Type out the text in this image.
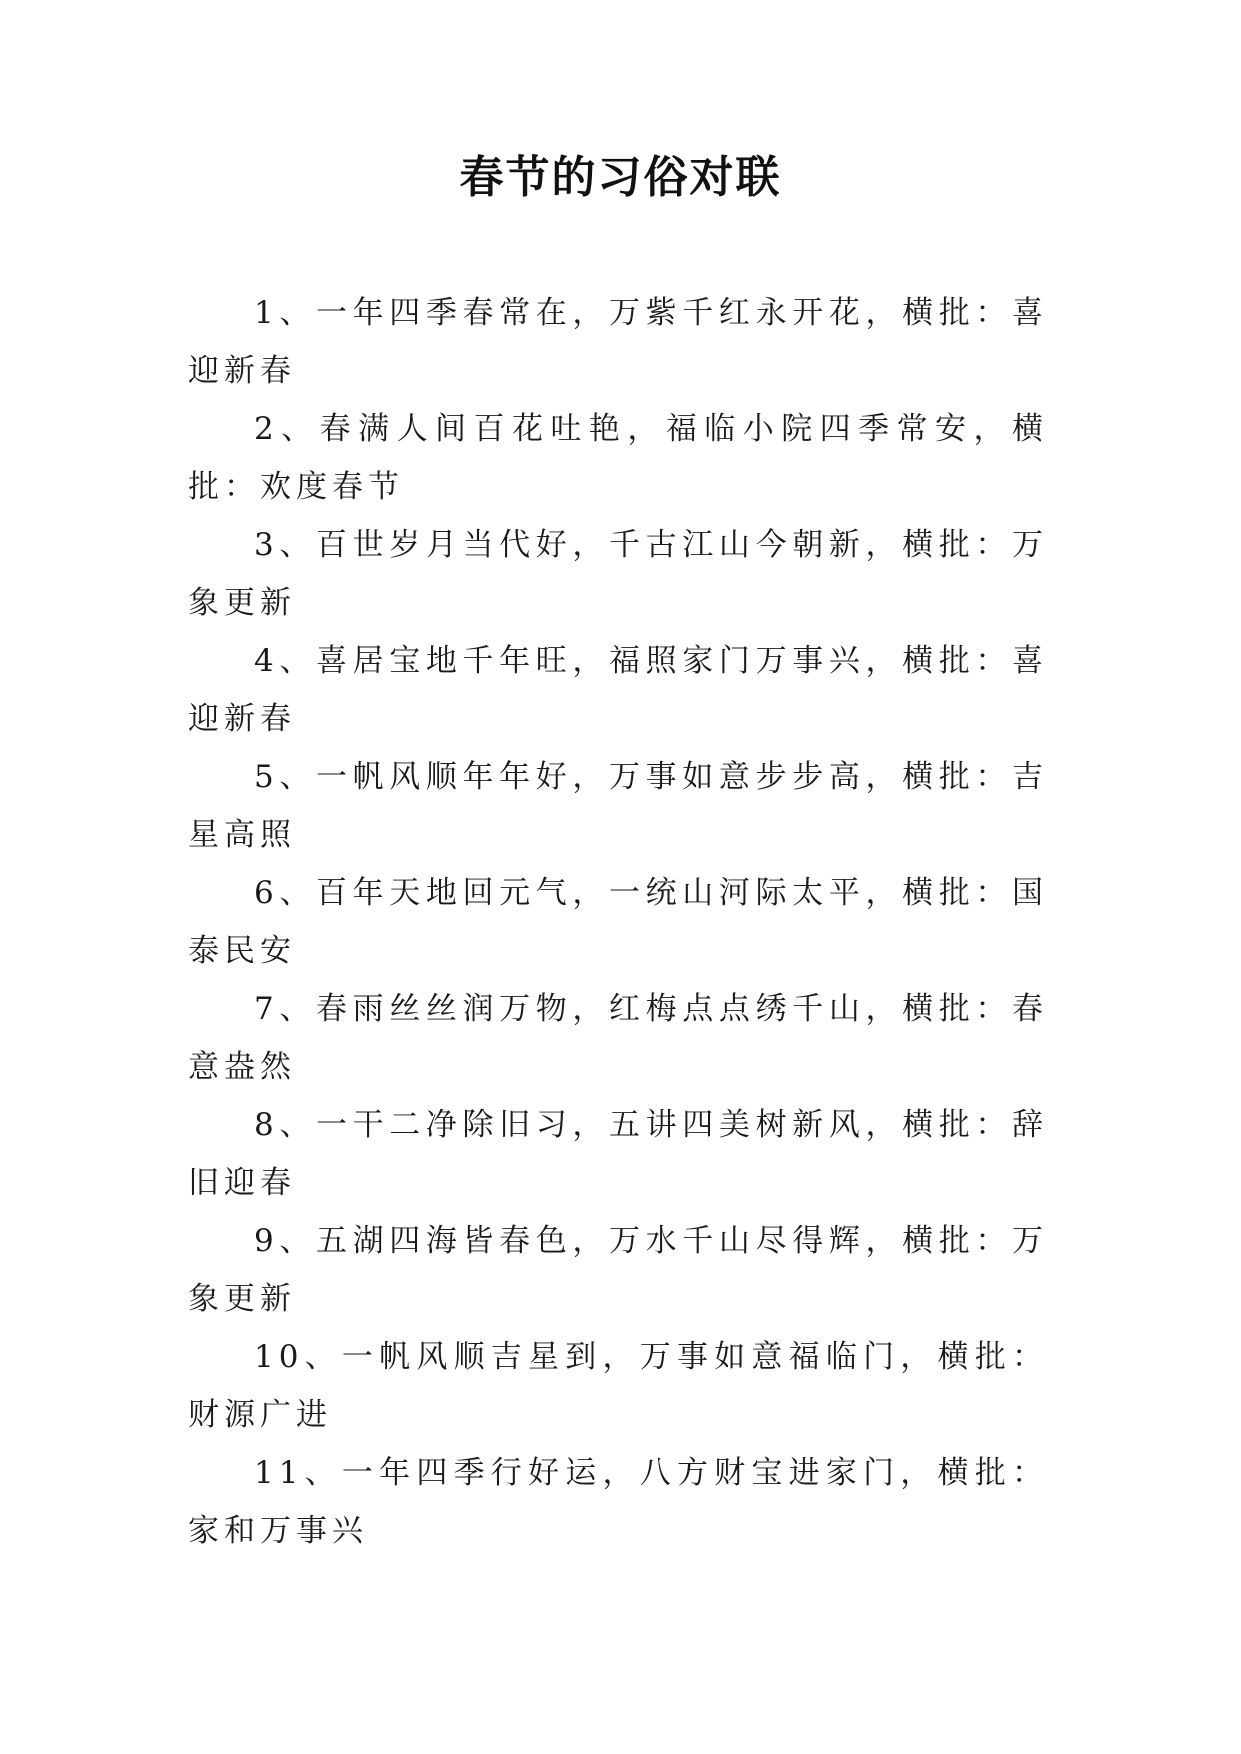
春节的习俗对联

1、一年四季春常在，万紫千红永开花，横批：喜迎新春

2、春满人间百花吐艳，福临小院四季常安，横批：欢度春节

3、百世岁月当代好，千古江山今朝新，横批：万象更新

4、喜居宝地千年旺，福照家门万事兴，横批：喜迎新春

5、一帆风顺年年好，万事如意步步高，横批：吉星高照

6、百年天地回元气，一统山河际太平，横批：国泰民安

7、春雨丝丝润万物，红梅点点绣千山，横批：春意盎然

8、一干二净除旧习，五讲四美树新风，横批：辞旧迎春

9、五湖四海皆春色，万水千山尽得辉，横批：万象更新

10、一帆风顺吉星到，万事如意福临门，横批：财源广进

11、一年四季行好运，八方财宝进家门，横批：家和万事兴
